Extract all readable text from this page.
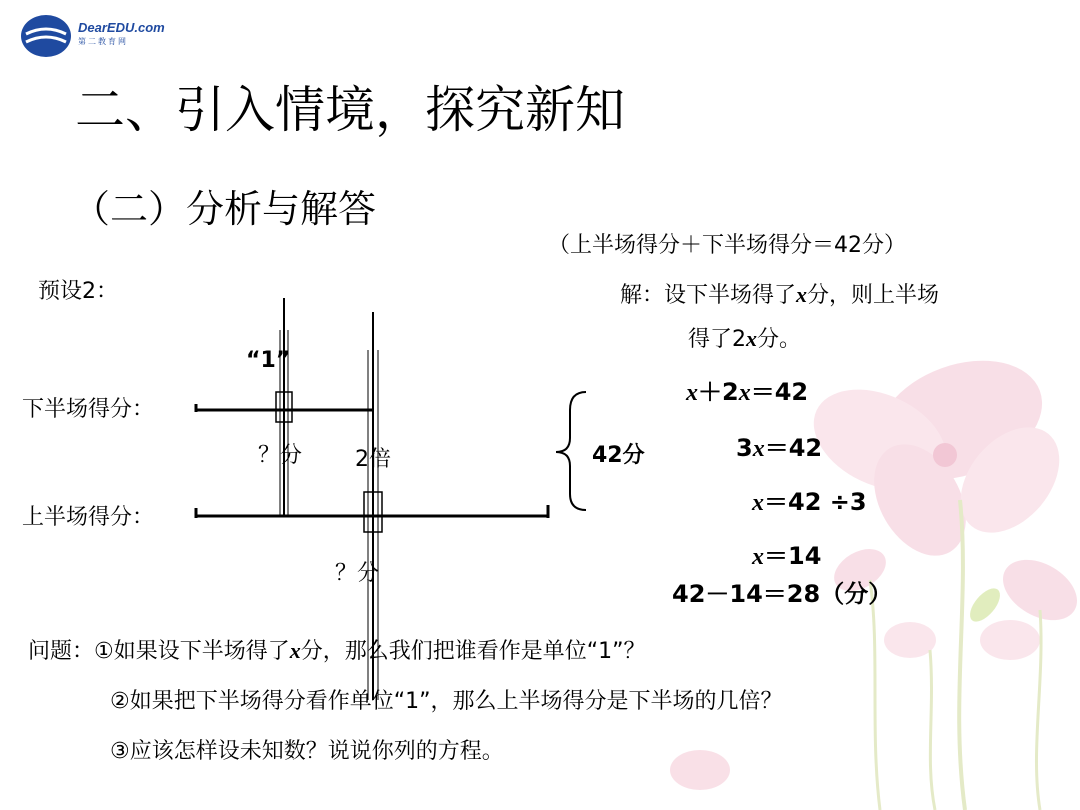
DearEDU.com
第二教育网
二、引入情境，探究新知
（二）分析与解答
（上半场得分＋下半场得分＝42分）
预设2：
下半场得分：
上半场得分：
“1”
？分 2倍
？分
42分
解：设下半场得了x分，则上半场
得了2x分。
x＋2x＝42
3x＝42
x＝42 ÷3
x＝14
42－14＝28（分）
问题：①如果设下半场得了x分，那么我们把谁看作是单位“1”？
②如果把下半场得分看作单位“1”，那么上半场得分是下半场的几倍？
③应该怎样设未知数？说说你列的方程。
